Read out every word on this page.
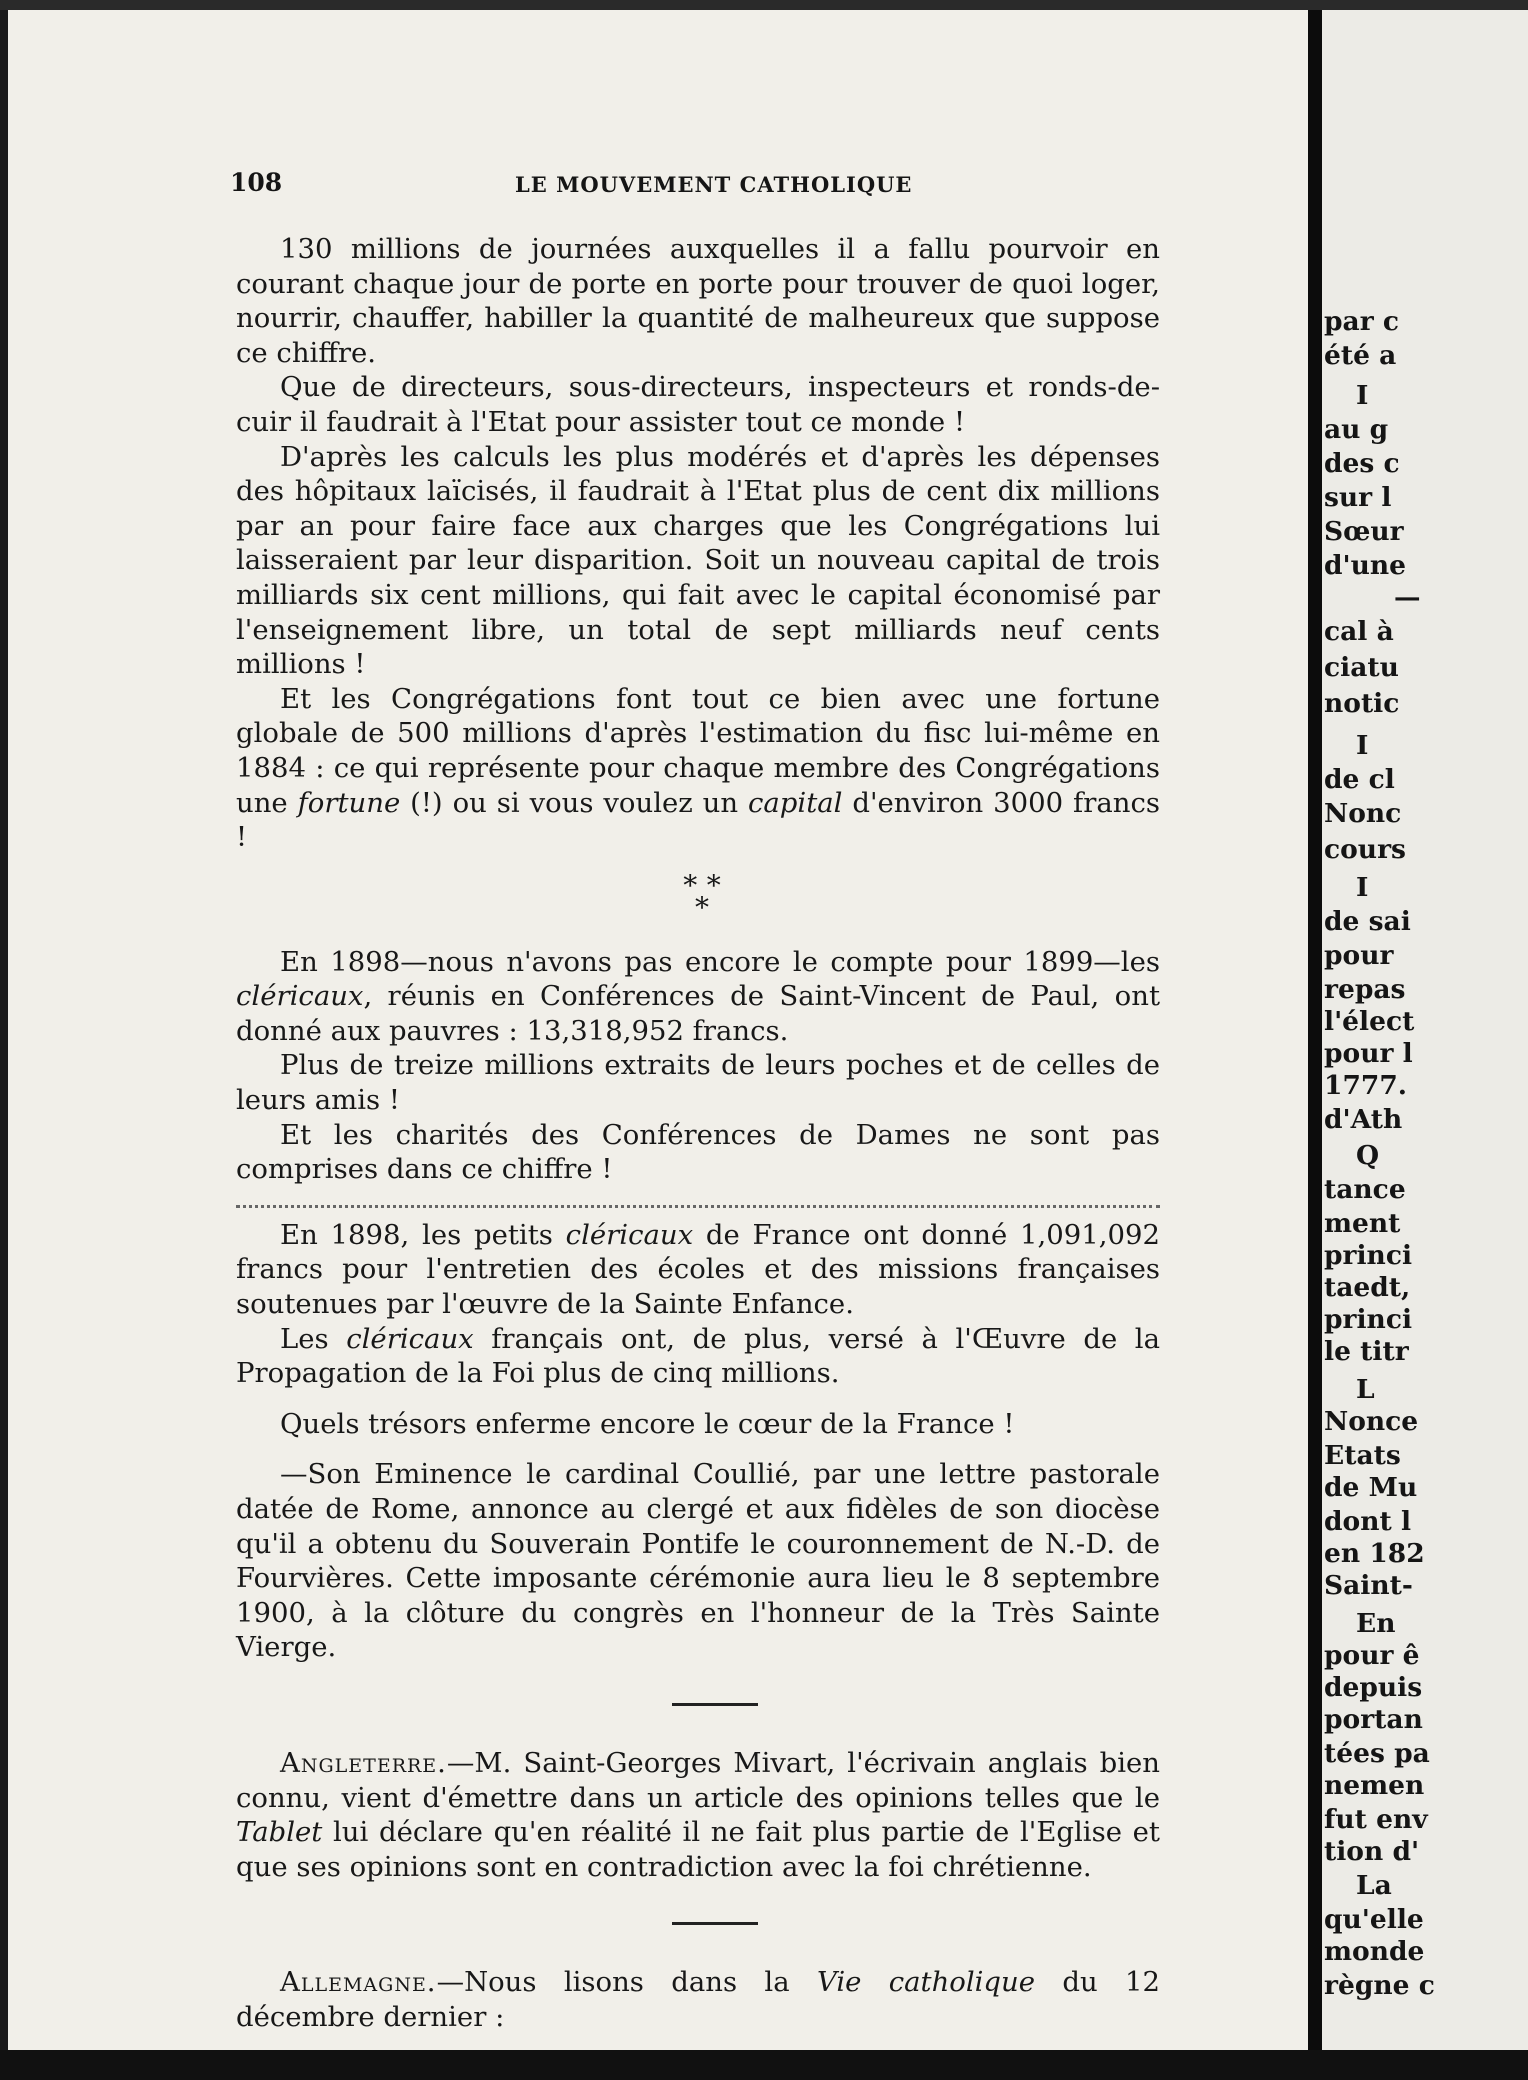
108	LE MOUVEMENT CATHOLIQUE

130 millions de journées auxquelles il a fallu pourvoir en courant chaque jour de porte en porte pour trouver de quoi loger, nourrir, chauffer, habiller la quantité de malheureux que suppose ce chiffre.

Que de directeurs, sous-directeurs, inspecteurs et ronds-de-cuir il faudrait à l'Etat pour assister tout ce monde !

D'après les calculs les plus modérés et d'après les dépenses des hôpitaux laïcisés, il faudrait à l'Etat plus de cent dix millions par an pour faire face aux charges que les Congrégations lui laisseraient par leur disparition. Soit un nouveau capital de trois milliards six cent millions, qui fait avec le capital économisé par l'enseignement libre, un total de sept milliards neuf cents millions !

Et les Congrégations font tout ce bien avec une fortune globale de 500 millions d'après l'estimation du fisc lui-même en 1884 : ce qui représente pour chaque membre des Congrégations une fortune (!) ou si vous voulez un capital d'environ 3000 francs !

* *
*

En 1898—nous n'avons pas encore le compte pour 1899—les cléricaux, réunis en Conférences de Saint-Vincent de Paul, ont donné aux pauvres : 13,318,952 francs.

Plus de treize millions extraits de leurs poches et de celles de leurs amis !

Et les charités des Conférences de Dames ne sont pas comprises dans ce chiffre !

En 1898, les petits cléricaux de France ont donné 1,091,092 francs pour l'entretien des écoles et des missions françaises soutenues par l'œuvre de la Sainte Enfance.

Les cléricaux français ont, de plus, versé à l'Œuvre de la Propagation de la Foi plus de cinq millions.

Quels trésors enferme encore le cœur de la France !

—Son Eminence le cardinal Coullié, par une lettre pastorale datée de Rome, annonce au clergé et aux fidèles de son diocèse qu'il a obtenu du Souverain Pontife le couronnement de N.-D. de Fourvières. Cette imposante cérémonie aura lieu le 8 septembre 1900, à la clôture du congrès en l'honneur de la Très Sainte Vierge.

Angleterre.—M. Saint-Georges Mivart, l'écrivain anglais bien connu, vient d'émettre dans un article des opinions telles que le Tablet lui déclare qu'en réalité il ne fait plus partie de l'Eglise et que ses opinions sont en contradiction avec la foi chrétienne.

Allemagne.—Nous lisons dans la Vie catholique du 12 décembre dernier :

par c
été a
I
au g
des c
sur l
Sœur
d'une
—
cal à
ciatu
notic
I
de cl
Nonc
cours
I
de sai
pour
repas
l'élect
pour l
1777.
d'Ath
Q
tance
ment
princi
taedt,
princi
le titr
L
Nonce
Etats
de Mu
dont l
en 182
Saint-
En
pour ê
depuis
portan
tées pa
nemen
fut env
tion d'
La
qu'elle
monde
règne c
